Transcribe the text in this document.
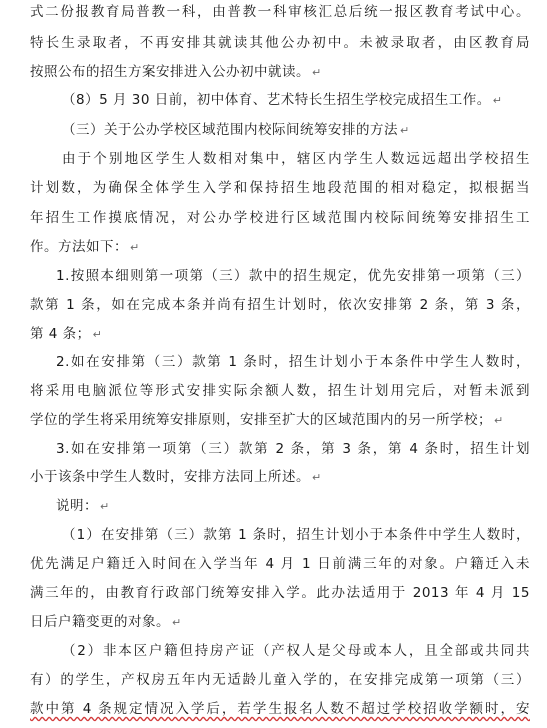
式二份报教育局普教一科，由普教一科审核汇总后统一报区教育考试中心。
特长生录取者，不再安排其就读其他公办初中。未被录取者，由区教育局
按照公布的招生方案安排进入公办初中就读。 ↵
（8）5 月 30 日前，初中体育、艺术特长生招生学校完成招生工作。 ↵
（三）关于公办学校区域范围内校际间统筹安排的方法 ↵
由于个别地区学生人数相对集中，辖区内学生人数远远超出学校招生
计划数，为确保全体学生入学和保持招生地段范围的相对稳定，拟根据当
年招生工作摸底情况，对公办学校进行区域范围内校际间统筹安排招生工
作。方法如下： ↵
1.按照本细则第一项第（三）款中的招生规定，优先安排第一项第（三）
款第 1 条，如在完成本条并尚有招生计划时，依次安排第 2 条，第 3 条，
第 4 条； ↵
2.如在安排第（三）款第 1 条时，招生计划小于本条件中学生人数时，
将采用电脑派位等形式安排实际余额人数，招生计划用完后，对暂未派到
学位的学生将采用统筹安排原则，安排至扩大的区域范围内的另一所学校； ↵
3.如在安排第一项第（三）款第 2 条，第 3 条，第 4 条时，招生计划
小于该条中学生人数时，安排方法同上所述。 ↵
说明： ↵
（1）在安排第（三）款第 1 条时，招生计划小于本条件中学生人数时，
优先满足户籍迁入时间在入学当年 4 月 1 日前满三年的对象。户籍迁入未
满三年的，由教育行政部门统筹安排入学。此办法适用于 2013 年 4 月 15
日后户籍变更的对象。 ↵
（2）非本区户籍但持房产证（产权人是父母或本人，且全部或共同共
有）的学生，产权房五年内无适龄儿童入学的，在安排完成第一项第（三）
款中第 4 条规定情况入学后，若学生报名人数不超过学校招收学额时，安
